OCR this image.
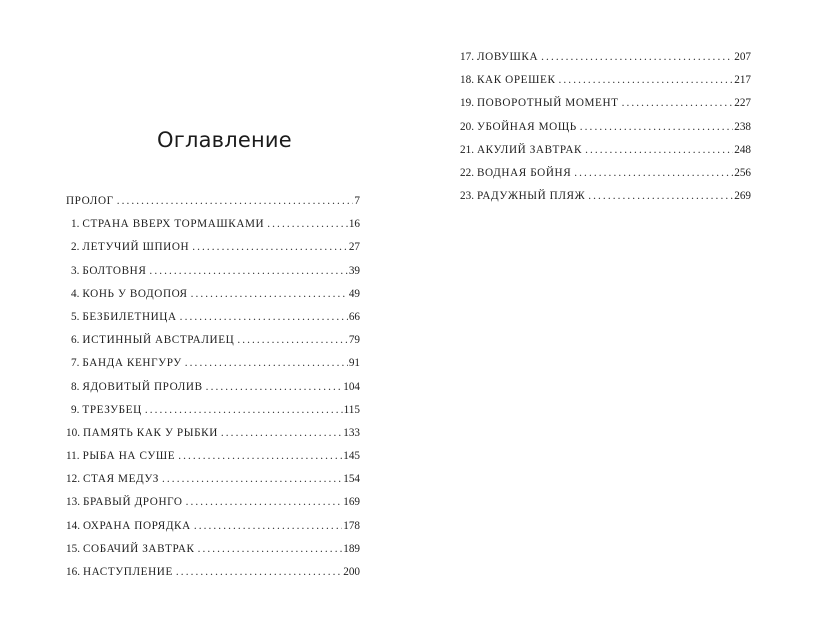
Оглавление
ПРОЛОГ .....	7
1. СТРАНА ВВЕРХ ТОРМАШКАМИ .....	16
2. ЛЕТУЧИЙ ШПИОН .....	27
3. БОЛТОВНЯ .....	39
4. КОНЬ У ВОДОПОЯ .....	49
5. БЕЗБИЛЕТНИЦА .....	66
6. ИСТИННЫЙ АВСТРАЛИЕЦ .....	79
7. БАНДА КЕНГУРУ .....	91
8. ЯДОВИТЫЙ ПРОЛИВ .....	104
9. ТРЕЗУБЕЦ .....	115
10. ПАМЯТЬ КАК У РЫБКИ .....	133
11. РЫБА НА СУШЕ .....	145
12. СТАЯ МЕДУЗ .....	154
13. БРАВЫЙ ДРОНГО .....	169
14. ОХРАНА ПОРЯДКА .....	178
15. СОБАЧИЙ ЗАВТРАК .....	189
16. НАСТУПЛЕНИЕ .....	200
17. ЛОВУШКА .....	207
18. КАК ОРЕШЕК .....	217
19. ПОВОРОТНЫЙ МОМЕНТ .....	227
20. УБОЙНАЯ МОЩЬ .....	238
21. АКУЛИЙ ЗАВТРАК .....	248
22. ВОДНАЯ БОЙНЯ .....	256
23. РАДУЖНЫЙ ПЛЯЖ .....	269
